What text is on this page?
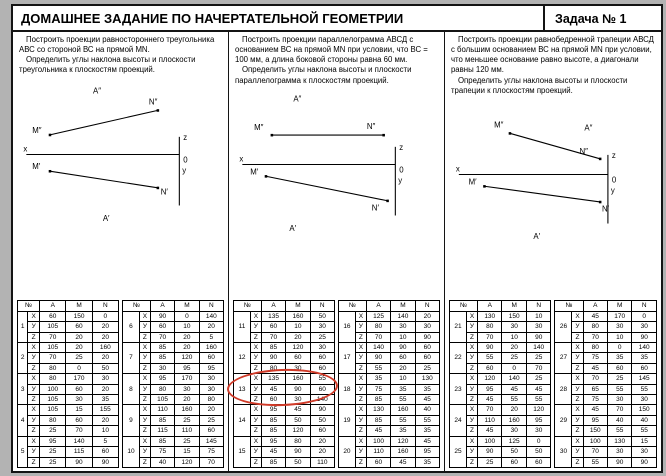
ДОМАШНЕЕ ЗАДАНИЕ ПО НАЧЕРТАТЕЛЬНОЙ ГЕОМЕТРИИ	Задача № 1

Построить проекции равностороннего треугольника АВС со стороной ВС на прямой MN.

Определить углы наклона высоты и плоскости треугольника к плоскостям проекций.

A″
M″
N″
M′
N′
A′
x
z
0
y
№		А	М	N
1	X	60	150	0
	У	105	60	20
	Z	70	20	20
2	X	105	20	160
	У	70	25	20
	Z	80	0	50
3	X	80	170	30
	У	100	60	20
	Z	105	30	35
4	X	105	15	155
	У	80	60	20
	Z	25	70	10
5	X	95	140	5
	У	25	115	60
	Z	25	90	90
№		А	М	N
6	X	90	0	140
	У	60	10	20
	Z	70	20	5
7	X	85	20	160
	У	85	120	60
	Z	30	95	95
8	X	95	170	30
	У	80	30	30
	Z	105	20	80
9	X	110	160	20
	У	85	25	25
	Z	115	110	60
10	X	85	25	145
	У	75	15	75
	Z	40	120	70

Построить проекции параллелограмма АВСД с основанием ВС на прямой MN при условии, что ВС = 100 мм, а длина боковой стороны равна 60 мм.

Определить углы наклона высоты и плоскости параллелограмма к плоскостям проекций.

A″
M″	N″
M′
N′
A′
x
z
0
y
№		А	М	N
11	X	135	160	50
	У	60	10	30
	Z	70	20	25
12	X	85	120	30
	У	90	60	60
	Z	80	30	60
13	X	135	160	55
	У	45	90	60
	Z	60	30	140
14	X	95	45	90
	У	85	50	50
	Z	85	120	60
15	X	95	80	20
	У	45	90	20
	Z	85	50	110
№		А	М	N
16	X	125	140	20
	У	80	30	30
	Z	70	10	90
17	X	140	90	60
	У	90	60	60
	Z	55	20	25
18	X	35	10	130
	У	75	35	35
	Z	85	55	45
19	X	130	160	40
	У	85	55	55
	Z	45	35	35
20	X	100	120	45
	У	110	160	95
	Z	60	45	35

Построить проекции равнобедренной трапеции АВСД с большим основанием ВС на прямой MN при условии, что меньшее основание равно высоте, а диагонали равны 120 мм.

Определить углы наклона высоты и плоскости трапеции к плоскостям проекций.

A″
M″
N″
M′
N′
A′
x
z
0
y
№		А	М	N
21	X	130	150	10
	У	80	30	30
	Z	70	10	90
22	X	90	20	140
	У	55	25	25
	Z	60	0	70
23	X	120	140	25
	У	95	45	45
	Z	45	55	55
24	X	70	20	120
	У	110	160	95
	Z	45	30	30
25	X	100	125	0
	У	90	50	50
	Z	25	60	60
№		А	М	N
26	X	45	170	0
	У	80	30	30
	Z	70	10	90
27	X	80	0	140
	У	75	35	35
	Z	45	60	60
28	X	70	25	145
	У	65	55	55
	Z	75	30	30
29	X	45	70	150
	У	95	40	40
	Z	150	55	55
30	X	100	130	15
	У	70	30	30
	Z	55	90	90
